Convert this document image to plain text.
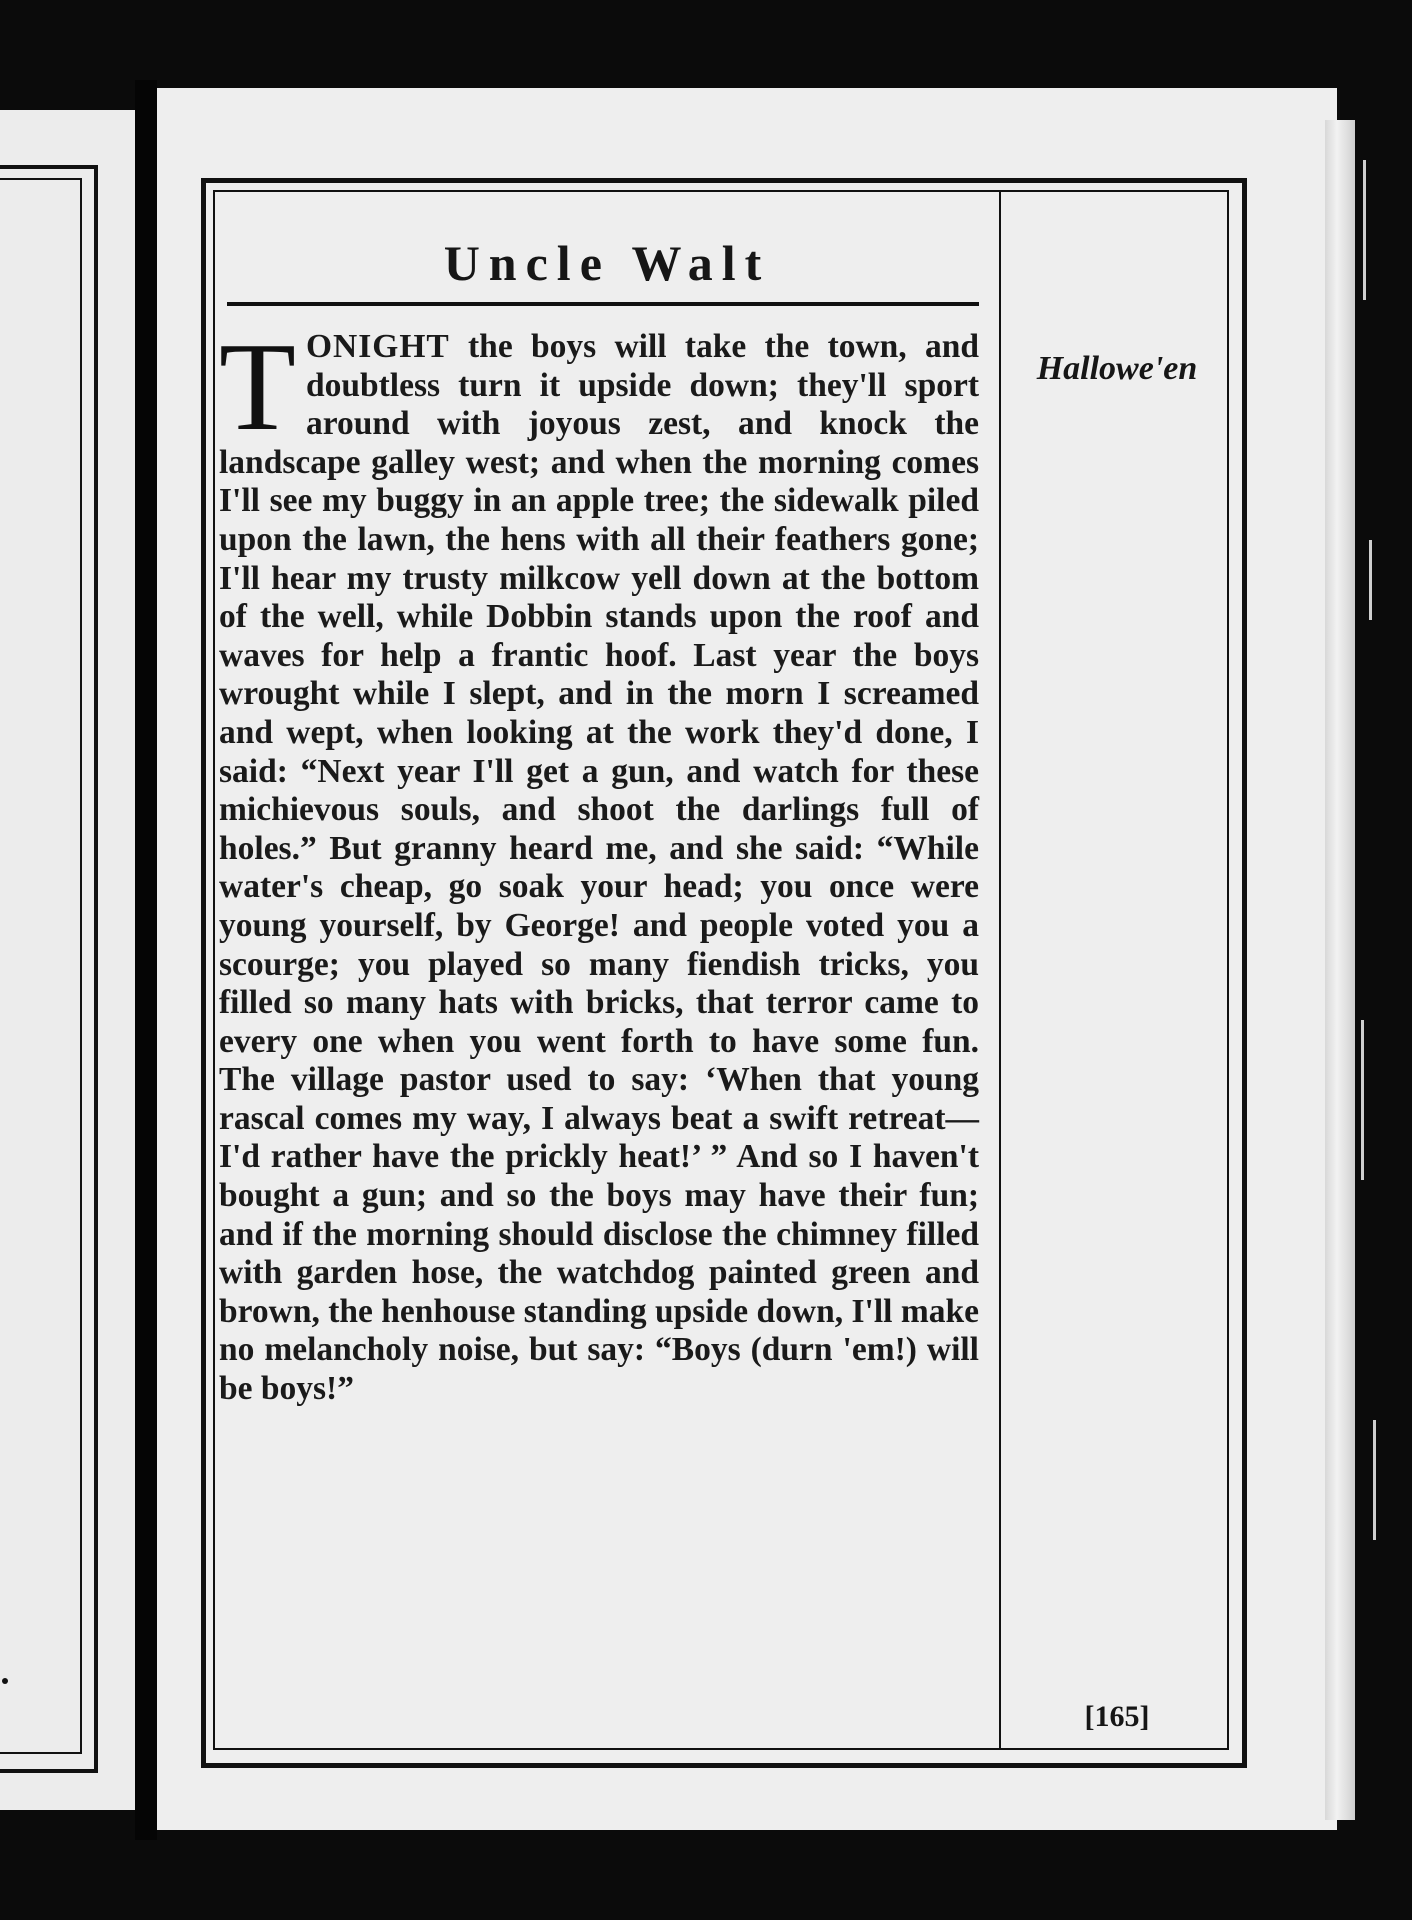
Uncle Walt
TONIGHT the boys will take the town, and doubtless turn it upside down; they'll sport around with joyous zest, and knock the landscape galley west; and when the morning comes I'll see my buggy in an apple tree; the sidewalk piled upon the lawn, the hens with all their feathers gone; I'll hear my trusty milkcow yell down at the bottom of the well, while Dobbin stands upon the roof and waves for help a frantic hoof. Last year the boys wrought while I slept, and in the morn I screamed and wept, when looking at the work they'd done, I said: “Next year I'll get a gun, and watch for these michievous souls, and shoot the darlings full of holes.” But granny heard me, and she said: “While water's cheap, go soak your head; you once were young yourself, by George! and people voted you a scourge; you played so many fiendish tricks, you filled so many hats with bricks, that terror came to every one when you went forth to have some fun. The village pastor used to say: ‘When that young rascal comes my way, I always beat a swift retreat—I'd rather have the prickly heat!’ ” And so I haven't bought a gun; and so the boys may have their fun; and if the morning should disclose the chimney filled with garden hose, the watchdog painted green and brown, the henhouse standing upside down, I'll make no melancholy noise, but say: “Boys (durn 'em!) will be boys!”
Hallowe'en
[165]
